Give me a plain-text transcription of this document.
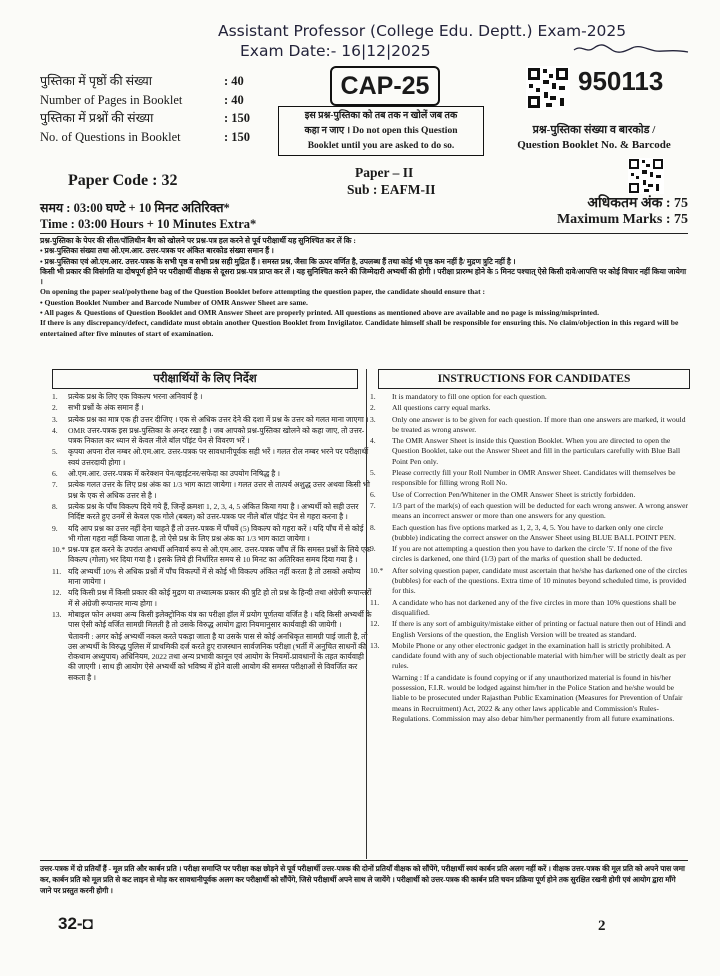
Assistant Professor (College Edu. Deptt.) Exam-2025
Exam Date:- 16|12|2025
पुस्तिका में पृष्ठों की संख्या	: 40
Number of Pages in Booklet	: 40
पुस्तिका में प्रश्नों की संख्या	: 150
No. of Questions in Booklet	: 150
CAP-25
इस प्रश्न-पुस्तिका को तब तक न खोलें जब तक
कहा न जाए । Do not open this Question
Booklet until you are asked to do so.
950113
प्रश्न-पुस्तिका संख्या व बारकोड /
Question Booklet No. & Barcode
Paper Code : 32	Paper – II
Sub : EAFM-II
समय : 03:00 घण्टे + 10 मिनट अतिरिक्त*
Time : 03:00 Hours + 10 Minutes Extra*
अधिकतम अंक : 75
Maximum Marks : 75

प्रश्न-पुस्तिका के पेपर की सील/पॉलिथीन बैग को खोलने पर प्रश्न-पत्र हल करने से पूर्व परीक्षार्थी यह सुनिश्चित कर लें कि :

• प्रश्न-पुस्तिका संख्या तथा ओ.एम.आर. उत्तर-पत्रक पर अंकित बारकोड संख्या समान हैं ।

• प्रश्न-पुस्तिका एवं ओ.एम.आर. उत्तर-पत्रक के सभी पृष्ठ व सभी प्रश्न सही मुद्रित हैं । समस्त प्रश्न, जैसा कि ऊपर वर्णित है, उपलब्ध हैं तथा कोई भी पृष्ठ कम नहीं है/ मुद्रण त्रुटि नहीं है ।

किसी भी प्रकार की विसंगति या दोषपूर्ण होने पर परीक्षार्थी वीक्षक से दूसरा प्रश्न-पत्र प्राप्त कर लें । यह सुनिश्चित करने की जिम्मेदारी अभ्यर्थी की होगी । परीक्षा प्रारम्भ होने के 5 मिनट पश्चात् ऐसे किसी दावे/आपत्ति पर कोई विचार नहीं किया जायेगा ।

On opening the paper seal/polythene bag of the Question Booklet before attempting the question paper, the candidate should ensure that :

• Question Booklet Number and Barcode Number of OMR Answer Sheet are same.

• All pages & Questions of Question Booklet and OMR Answer Sheet are properly printed. All questions as mentioned above are available and no page is missing/misprinted.

If there is any discrepancy/defect, candidate must obtain another Question Booklet from Invigilator. Candidate himself shall be responsible for ensuring this. No claim/objection in this regard will be entertained after five minutes of start of examination.

परीक्षार्थियों के लिए निर्देश
1.	प्रत्येक प्रश्न के लिए एक विकल्प भरना अनिवार्य है ।
2.	सभी प्रश्नों के अंक समान हैं ।
3.	प्रत्येक प्रश्न का मात्र एक ही उत्तर दीजिए । एक से अधिक उत्तर देने की दशा में प्रश्न के उत्तर को गलत माना जाएगा ।
4.	OMR उत्तर-पत्रक इस प्रश्न-पुस्तिका के अन्दर रखा है । जब आपको प्रश्न-पुस्तिका खोलने को कहा जाए, तो उत्तर-पत्रक निकाल कर ध्यान से केवल नीले बॉल पॉइंट पेन से विवरण भरें ।
5.	कृपया अपना रोल नम्बर ओ.एम.आर. उत्तर-पत्रक पर सावधानीपूर्वक सही भरें । गलत रोल नम्बर भरने पर परीक्षार्थी स्वयं उत्तरदायी होगा ।
6.	ओ.एम.आर. उत्तर-पत्रक में करेक्शन पेन/व्हाईटनर/सफेदा का उपयोग निषिद्ध है ।
7.	प्रत्येक गलत उत्तर के लिए प्रश्न अंक का 1/3 भाग काटा जायेगा । गलत उत्तर से तात्पर्य अशुद्ध उत्तर अथवा किसी भी प्रश्न के एक से अधिक उत्तर से है ।
8.	प्रत्येक प्रश्न के पाँच विकल्प दिये गये हैं, जिन्हें क्रमशः 1, 2, 3, 4, 5 अंकित किया गया है । अभ्यर्थी को सही उत्तर निर्दिष्ट करते हुए उनमें से केवल एक गोले (बबल) को उत्तर-पत्रक पर नीले बॉल पॉइंट पेन से गहरा करना है ।
9.	यदि आप प्रश्न का उत्तर नहीं देना चाहते हैं तो उत्तर-पत्रक में पाँचवें (5) विकल्प को गहरा करें । यदि पाँच में से कोई भी गोला गहरा नहीं किया जाता है, तो ऐसे प्रश्न के लिए प्रश्न अंक का 1/3 भाग काटा जायेगा ।
10.* प्रश्न-पत्र हल करने के उपरांत अभ्यर्थी अनिवार्य रूप से ओ.एम.आर. उत्तर-पत्रक जाँच लें कि समस्त प्रश्नों के लिये एक विकल्प (गोला) भर दिया गया है । इसके लिये ही निर्धारित समय से 10 मिनट का अतिरिक्त समय दिया गया है ।
11. यदि अभ्यर्थी 10% से अधिक प्रश्नों में पाँच विकल्पों में से कोई भी विकल्प अंकित नहीं करता है तो उसको अयोग्य माना जायेगा ।
12. यदि किसी प्रश्न में किसी प्रकार की कोई मुद्रण या तथ्यात्मक प्रकार की त्रुटि हो तो प्रश्न के हिन्दी तथा अंग्रेजी रूपान्तरों में से अंग्रेजी रूपान्तर मान्य होगा ।
13. मोबाइल फोन अथवा अन्य किसी इलेक्ट्रोनिक यंत्र का परीक्षा हॉल में प्रयोग पूर्णतया वर्जित है । यदि किसी अभ्यर्थी के पास ऐसी कोई वर्जित सामग्री मिलती है तो उसके विरुद्ध आयोग द्वारा नियमानुसार कार्यवाही की जायेगी ।
चेतावनी : अगर कोई अभ्यर्थी नकल करते पकड़ा जाता है या उसके पास से कोई अनधिकृत सामग्री पाई जाती है, तो उस अभ्यर्थी के विरुद्ध पुलिस में प्राथमिकी दर्ज करते हुए राजस्थान सार्वजनिक परीक्षा (भर्ती में अनुचित साधनों की रोकथाम अध्युपाय) अधिनियम, 2022 तथा अन्य प्रभावी कानून एवं आयोग के नियमों-प्रावधानों के तहत कार्यवाही की जाएगी । साथ ही आयोग ऐसे अभ्यर्थी को भविष्य में होने वाली आयोग की समस्त परीक्षाओं से विवर्जित कर सकता है ।
INSTRUCTIONS FOR CANDIDATES
1.	It is mandatory to fill one option for each question.
2.	All questions carry equal marks.
3.	Only one answer is to be given for each question. If more than one answers are marked, it would be treated as wrong answer.
4.	The OMR Answer Sheet is inside this Question Booklet. When you are directed to open the Question Booklet, take out the Answer Sheet and fill in the particulars carefully with Blue Ball Point Pen only.
5.	Please correctly fill your Roll Number in OMR Answer Sheet. Candidates will themselves be responsible for filling wrong Roll No.
6.	Use of Correction Pen/Whitener in the OMR Answer Sheet is strictly forbidden.
7.	1/3 part of the mark(s) of each question will be deducted for each wrong answer. A wrong answer means an incorrect answer or more than one answers for any question.
8.	Each question has five options marked as 1, 2, 3, 4, 5. You have to darken only one circle (bubble) indicating the correct answer on the Answer Sheet using BLUE BALL POINT PEN.
9.	If you are not attempting a question then you have to darken the circle '5'. If none of the five circles is darkened, one third (1/3) part of the marks of question shall be deducted.
10.*	After solving question paper, candidate must ascertain that he/she has darkened one of the circles (bubbles) for each of the questions. Extra time of 10 minutes beyond scheduled time, is provided for this.
11.	A candidate who has not darkened any of the five circles in more than 10% questions shall be disqualified.
12.	If there is any sort of ambiguity/mistake either of printing or factual nature then out of Hindi and English Versions of the question, the English Version will be treated as standard.
13.	Mobile Phone or any other electronic gadget in the examination hall is strictly prohibited. A candidate found with any of such objectionable material with him/her will be strictly dealt as per rules.
Warning : If a candidate is found copying or if any unauthorized material is found in his/her possession, F.I.R. would be lodged against him/her in the Police Station and he/she would be liable to be prosecuted under Rajasthan Public Examination (Measures for Prevention of Unfair means in Recruitment) Act, 2022 & any other laws applicable and Commission's Rules-Regulations. Commission may also debar him/her permanently from all future examinations.
उत्तर-पत्रक में दो प्रतियाँ हैं - मूल प्रति और कार्बन प्रति । परीक्षा समाप्ति पर परीक्षा कक्ष छोड़ने से पूर्व परीक्षार्थी उत्तर-पत्रक की दोनों प्रतियाँ वीक्षक को सौंपेंगे, परीक्षार्थी स्वयं कार्बन प्रति अलग नहीं करें । वीक्षक उत्तर-पत्रक की मूल प्रति को अपने पास जमा कर, कार्बन प्रति को मूल प्रति से कट लाइन से मोड़ कर सावधानीपूर्वक अलग कर परीक्षार्थी को सौंपेंगे, जिसे परीक्षार्थी अपने साथ ले जायेंगे । परीक्षार्थी को उत्तर-पत्रक की कार्बन प्रति चयन प्रक्रिया पूर्ण होने तक सुरक्षित रखनी होगी एवं आयोग द्वारा माँगे जाने पर प्रस्तुत करनी होगी ।
32-◘	2
